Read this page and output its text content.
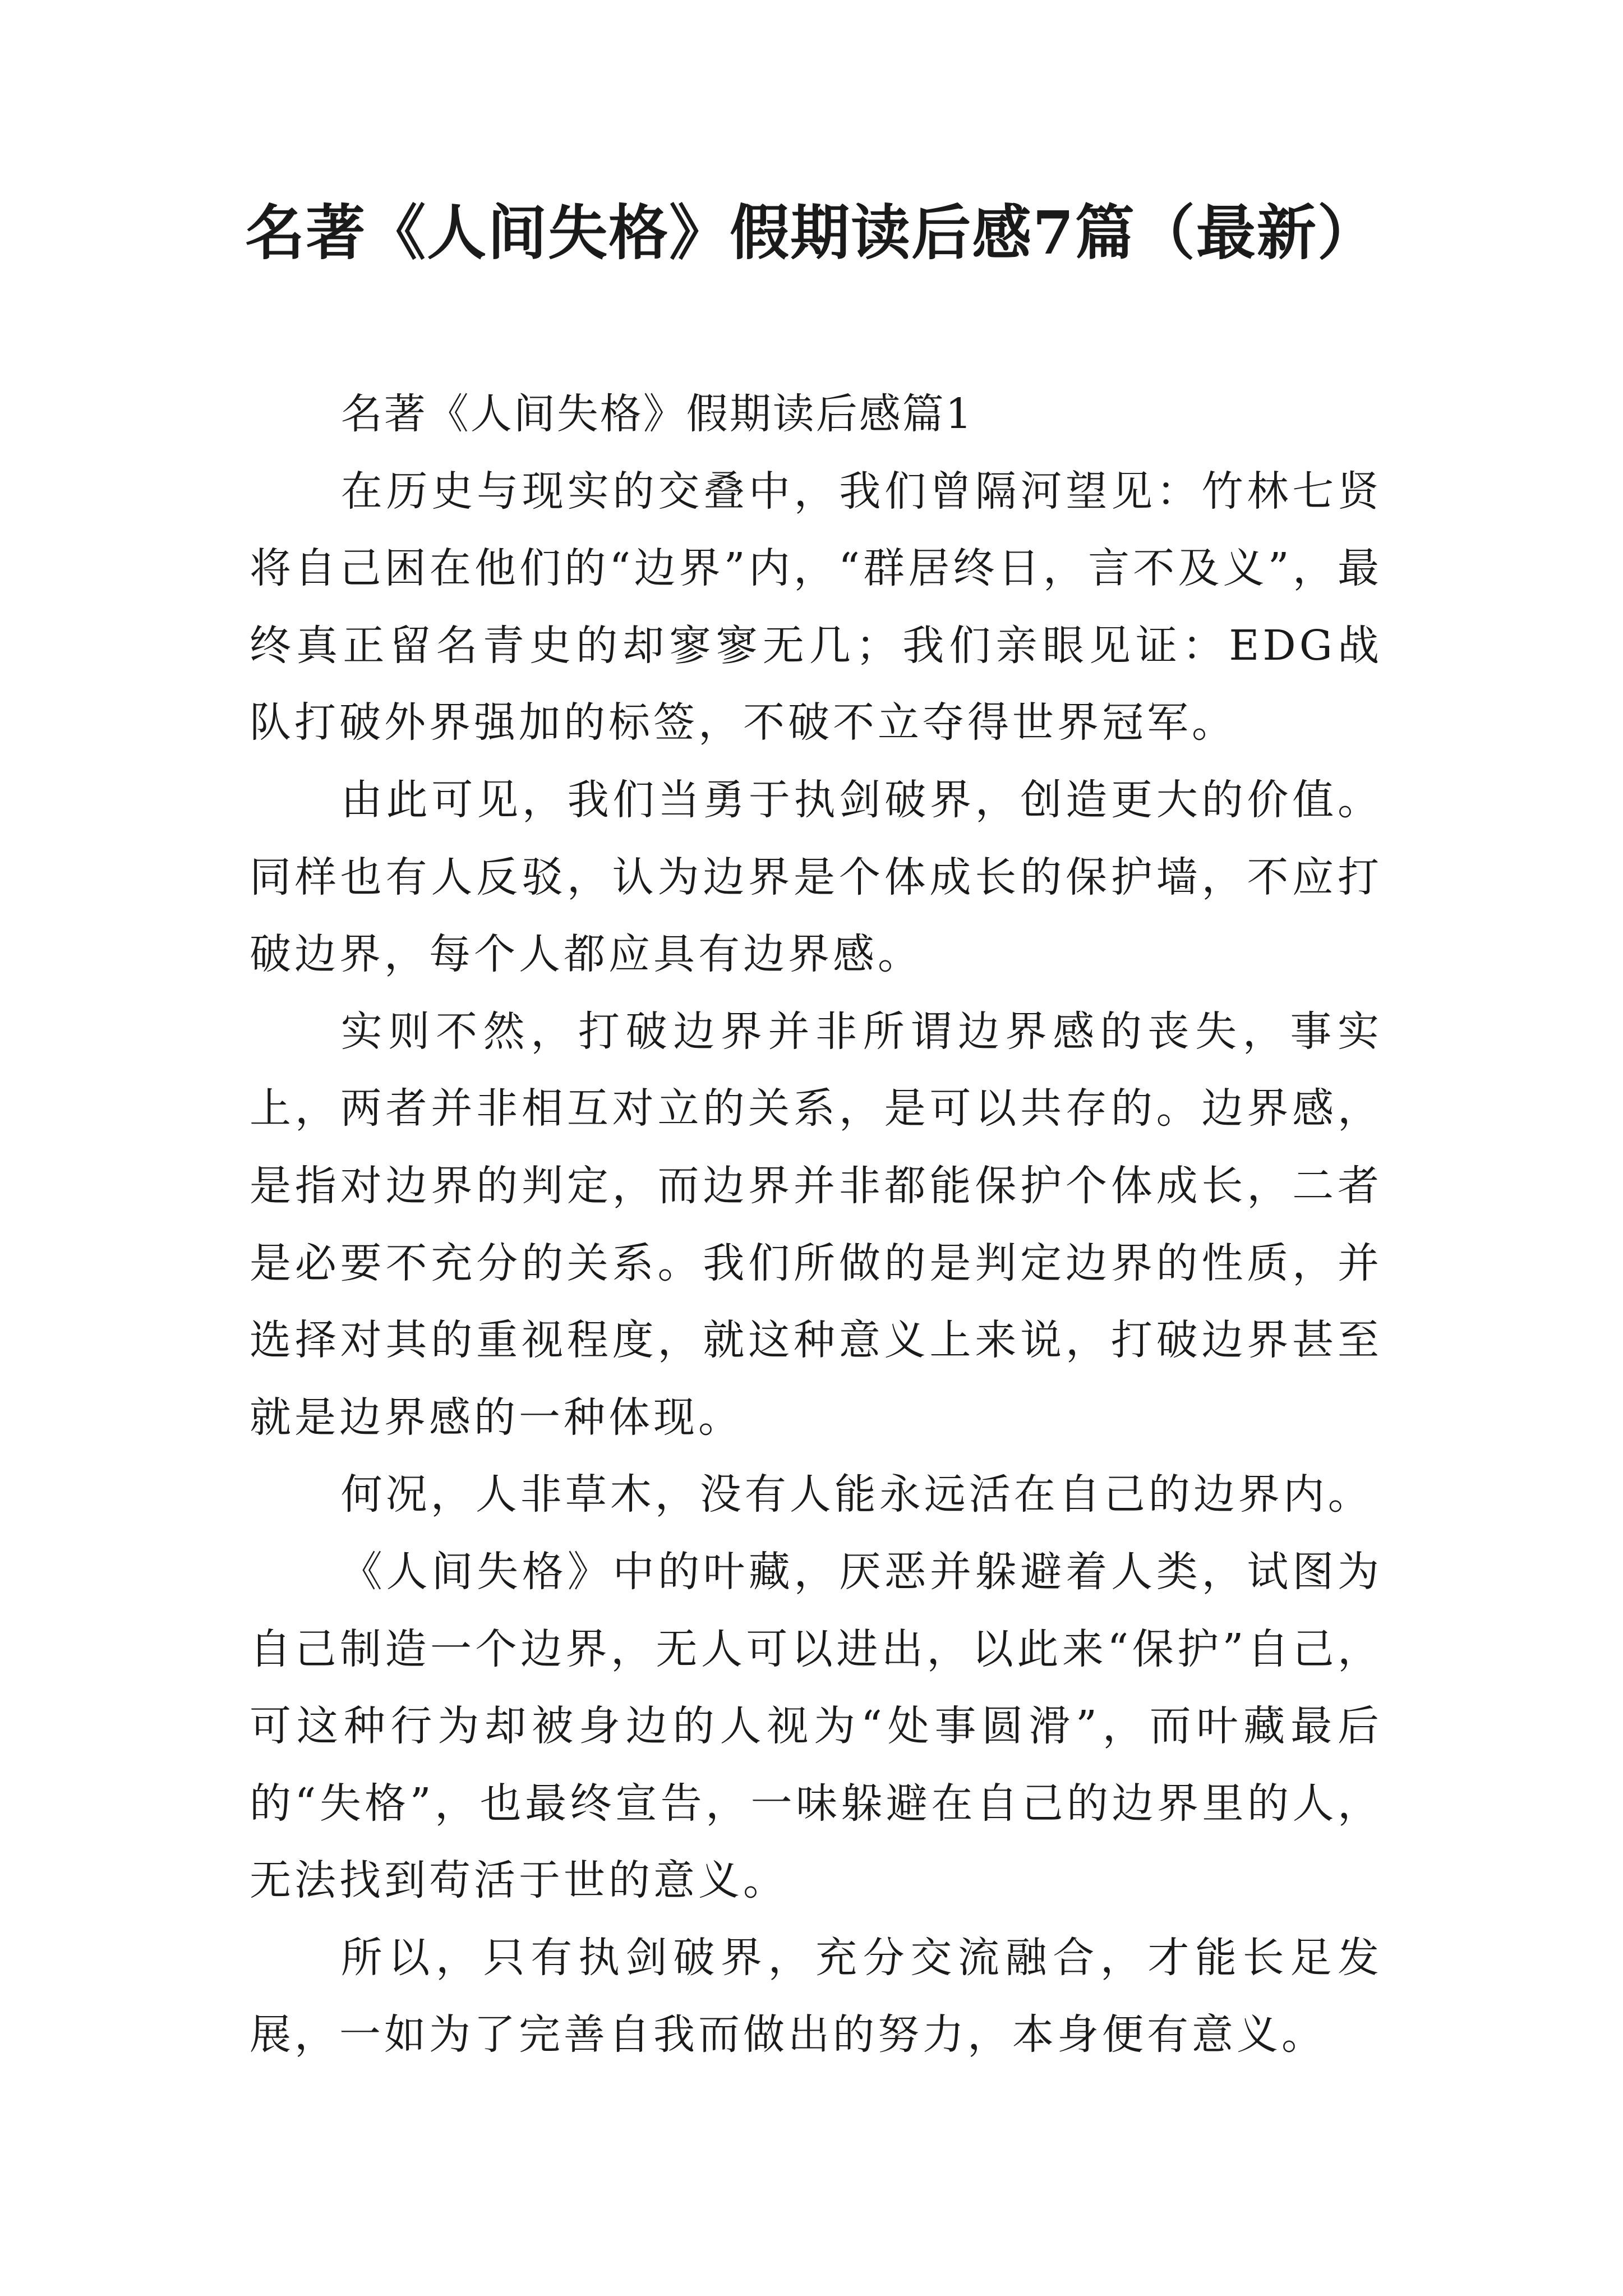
名著《人间失格》假期读后感7篇（最新）

名著《人间失格》假期读后感篇1

在历史与现实的交叠中，我们曾隔河望见：竹林七贤将自己困在他们的“边界”内，“群居终日，言不及义”，最终真正留名青史的却寥寥无几；我们亲眼见证：EDG战队打破外界强加的标签，不破不立夺得世界冠军。

由此可见，我们当勇于执剑破界，创造更大的价值。同样也有人反驳，认为边界是个体成长的保护墙，不应打破边界，每个人都应具有边界感。

实则不然，打破边界并非所谓边界感的丧失，事实上，两者并非相互对立的关系，是可以共存的。边界感，是指对边界的判定，而边界并非都能保护个体成长，二者是必要不充分的关系。我们所做的是判定边界的性质，并选择对其的重视程度，就这种意义上来说，打破边界甚至就是边界感的一种体现。

何况，人非草木，没有人能永远活在自己的边界内。

《人间失格》中的叶藏，厌恶并躲避着人类，试图为自己制造一个边界，无人可以进出，以此来“保护”自己，可这种行为却被身边的人视为“处事圆滑”，而叶藏最后的“失格”，也最终宣告，一味躲避在自己的边界里的人，无法找到苟活于世的意义。

所以，只有执剑破界，充分交流融合，才能长足发展，一如为了完善自我而做出的努力，本身便有意义。
